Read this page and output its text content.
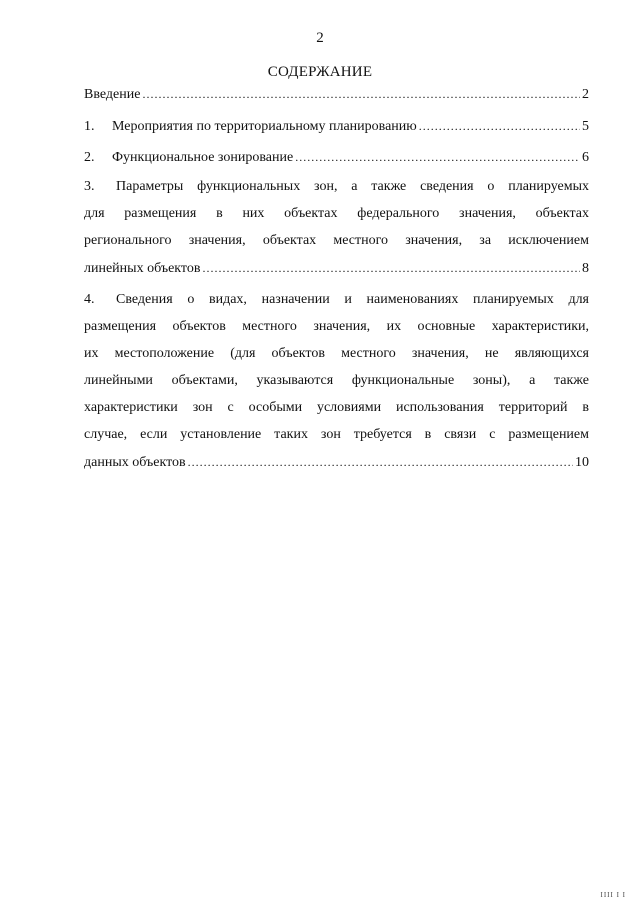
2
СОДЕРЖАНИЕ
Введение .....	2
1. Мероприятия по территориальному планированию .....	5
2. Функциональное зонирование .....	6
3. Параметры функциональных зон, а также сведения о планируемых
для размещения в них объектах федерального значения, объектах
регионального значения, объектах местного значения, за исключением
линейных объектов .....	8
4. Сведения о видах, назначении и наименованиях планируемых для
размещения объектов местного значения, их основные характеристики,
их местоположение (для объектов местного значения, не являющихся
линейными объектами, указываются функциональные зоны), а также
характеристики зон с особыми условиями использования территорий в
случае, если установление таких зон требуется в связи с размещением
данных объектов .....	10
IIII I I
